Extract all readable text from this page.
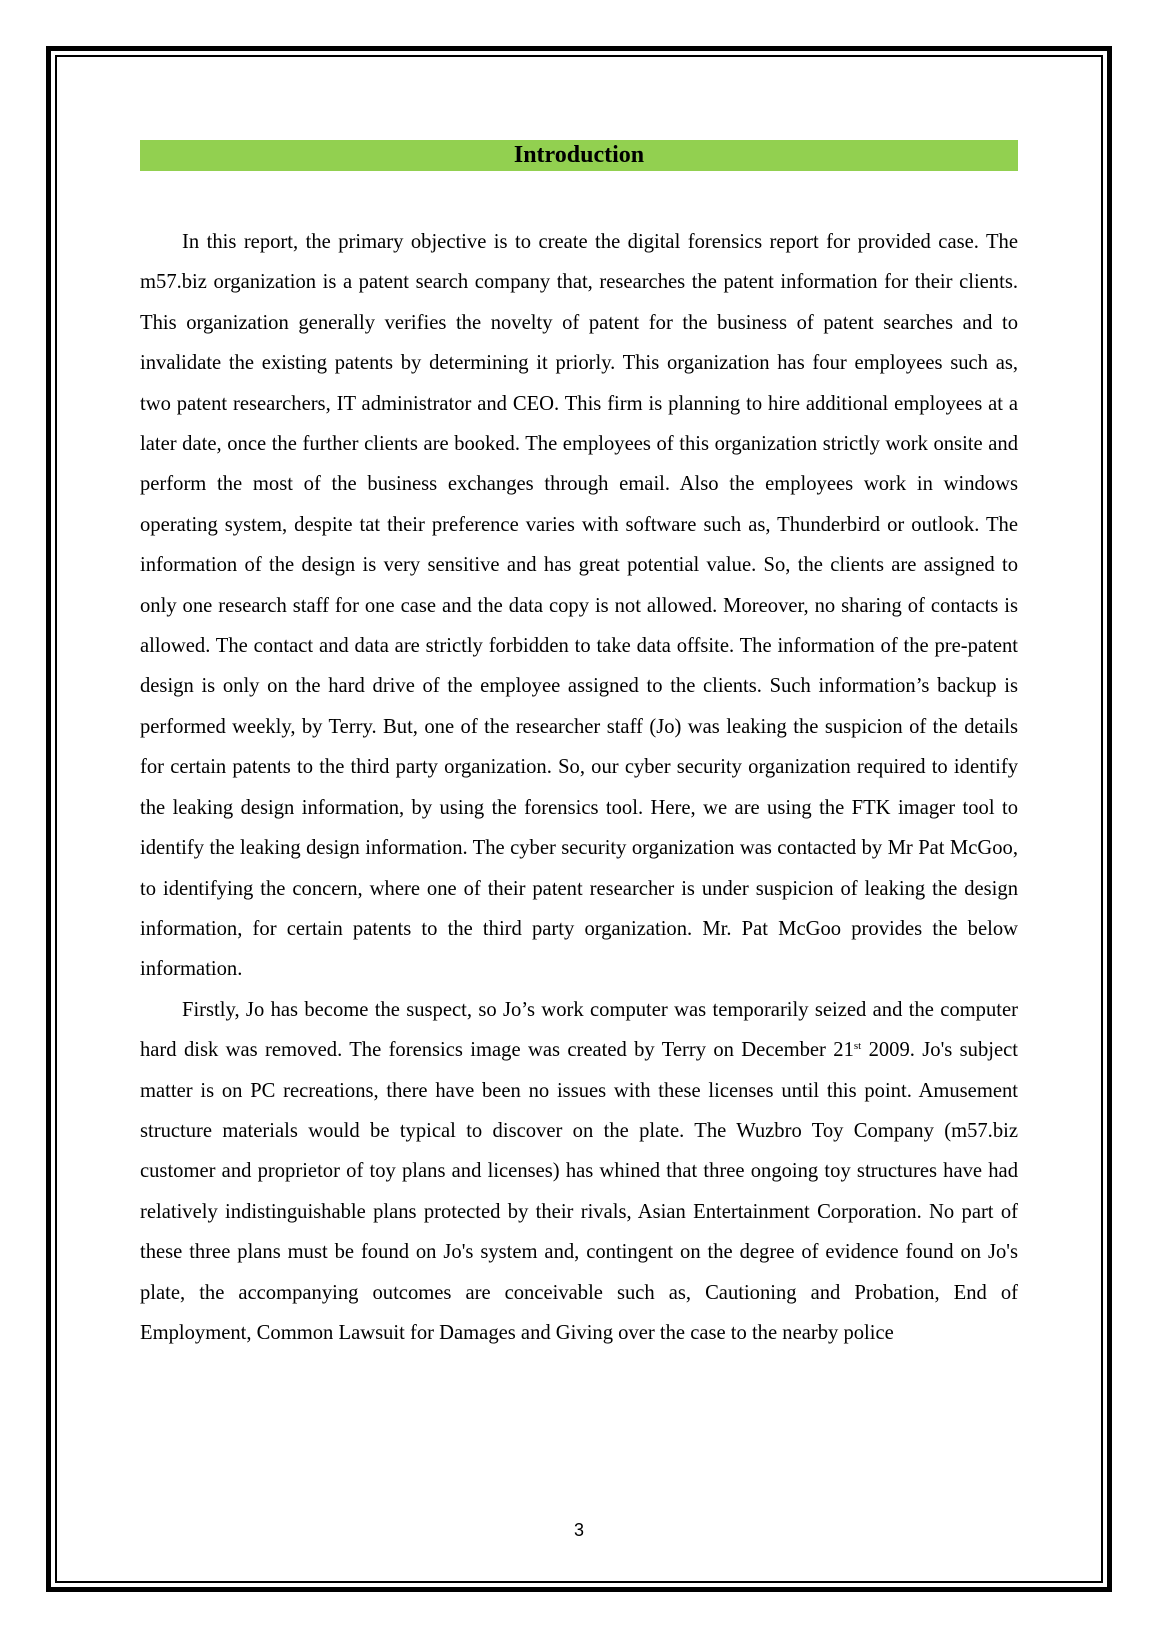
Introduction

In this report, the primary objective is to create the digital forensics report for provided case. The m57.biz organization is a patent search company that, researches the patent information for their clients. This organization generally verifies the novelty of patent for the business of patent searches and to invalidate the existing patents by determining it priorly. This organization has four employees such as, two patent researchers, IT administrator and CEO. This firm is planning to hire additional employees at a later date, once the further clients are booked. The employees of this organization strictly work onsite and perform the most of the business exchanges through email. Also the employees work in windows operating system, despite tat their preference varies with software such as, Thunderbird or outlook. The information of the design is very sensitive and has great potential value. So, the clients are assigned to only one research staff for one case and the data copy is not allowed. Moreover, no sharing of contacts is allowed. The contact and data are strictly forbidden to take data offsite. The information of the pre-patent design is only on the hard drive of the employee assigned to the clients. Such information’s backup is performed weekly, by Terry. But, one of the researcher staff (Jo) was leaking the suspicion of the details for certain patents to the third party organization. So, our cyber security organization required to identify the leaking design information, by using the forensics tool. Here, we are using the FTK imager tool to identify the leaking design information. The cyber security organization was contacted by Mr Pat McGoo, to identifying the concern, where one of their patent researcher is under suspicion of leaking the design information, for certain patents to the third party organization. Mr. Pat McGoo provides the below information.

Firstly, Jo has become the suspect, so Jo’s work computer was temporarily seized and the computer hard disk was removed. The forensics image was created by Terry on December 21st 2009. Jo's subject matter is on PC recreations, there have been no issues with these licenses until this point. Amusement structure materials would be typical to discover on the plate. The Wuzbro Toy Company (m57.biz customer and proprietor of toy plans and licenses) has whined that three ongoing toy structures have had relatively indistinguishable plans protected by their rivals, Asian Entertainment Corporation. No part of these three plans must be found on Jo's system and, contingent on the degree of evidence found on Jo's plate, the accompanying outcomes are conceivable such as, Cautioning and Probation, End of Employment, Common Lawsuit for Damages and Giving over the case to the nearby police

3
